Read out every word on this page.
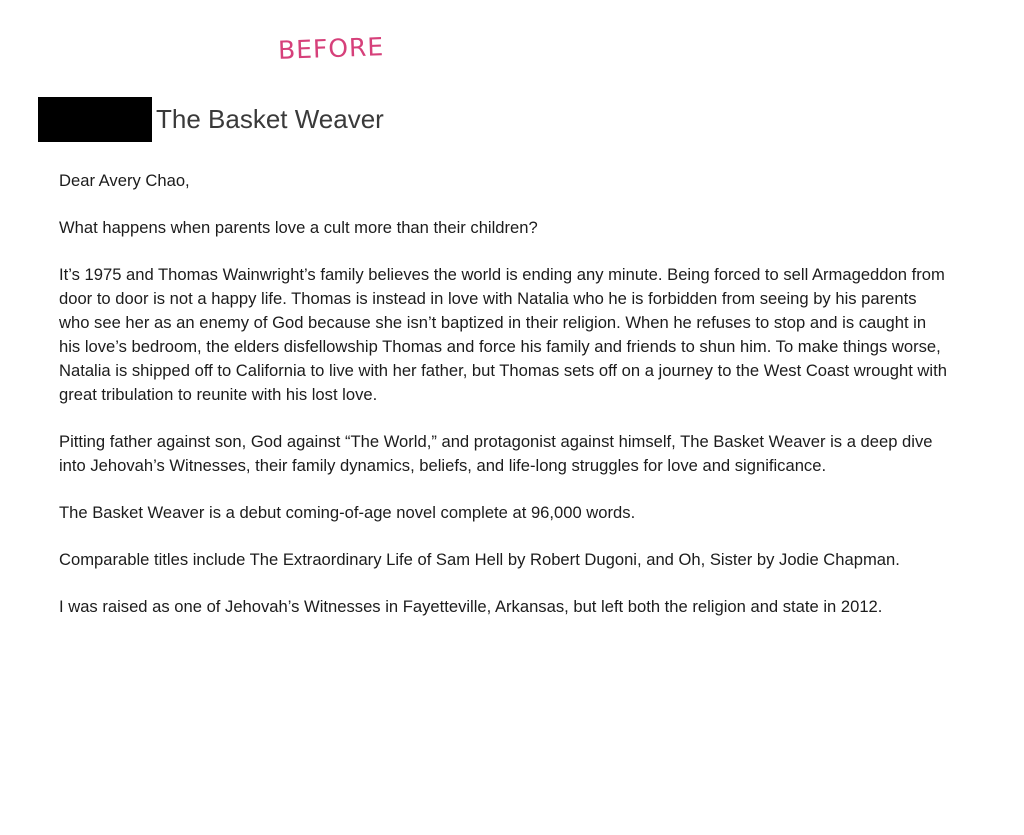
BEFORE
The Basket Weaver

Dear Avery Chao,

What happens when parents love a cult more than their children?

It’s 1975 and Thomas Wainwright’s family believes the world is ending any minute. Being forced to sell Armageddon from door to door is not a happy life. Thomas is instead in love with Natalia who he is forbidden from seeing by his parents who see her as an enemy of God because she isn’t baptized in their religion. When he refuses to stop and is caught in his love’s bedroom, the elders disfellowship Thomas and force his family and friends to shun him. To make things worse, Natalia is shipped off to California to live with her father, but Thomas sets off on a journey to the West Coast wrought with great tribulation to reunite with his lost love.

Pitting father against son, God against “The World,” and protagonist against himself, The Basket Weaver is a deep dive into Jehovah’s Witnesses, their family dynamics, beliefs, and life-long struggles for love and significance.

The Basket Weaver is a debut coming-of-age novel complete at 96,000 words.

Comparable titles include The Extraordinary Life of Sam Hell by Robert Dugoni, and Oh, Sister by Jodie Chapman.

I was raised as one of Jehovah’s Witnesses in Fayetteville, Arkansas, but left both the religion and state in 2012.
